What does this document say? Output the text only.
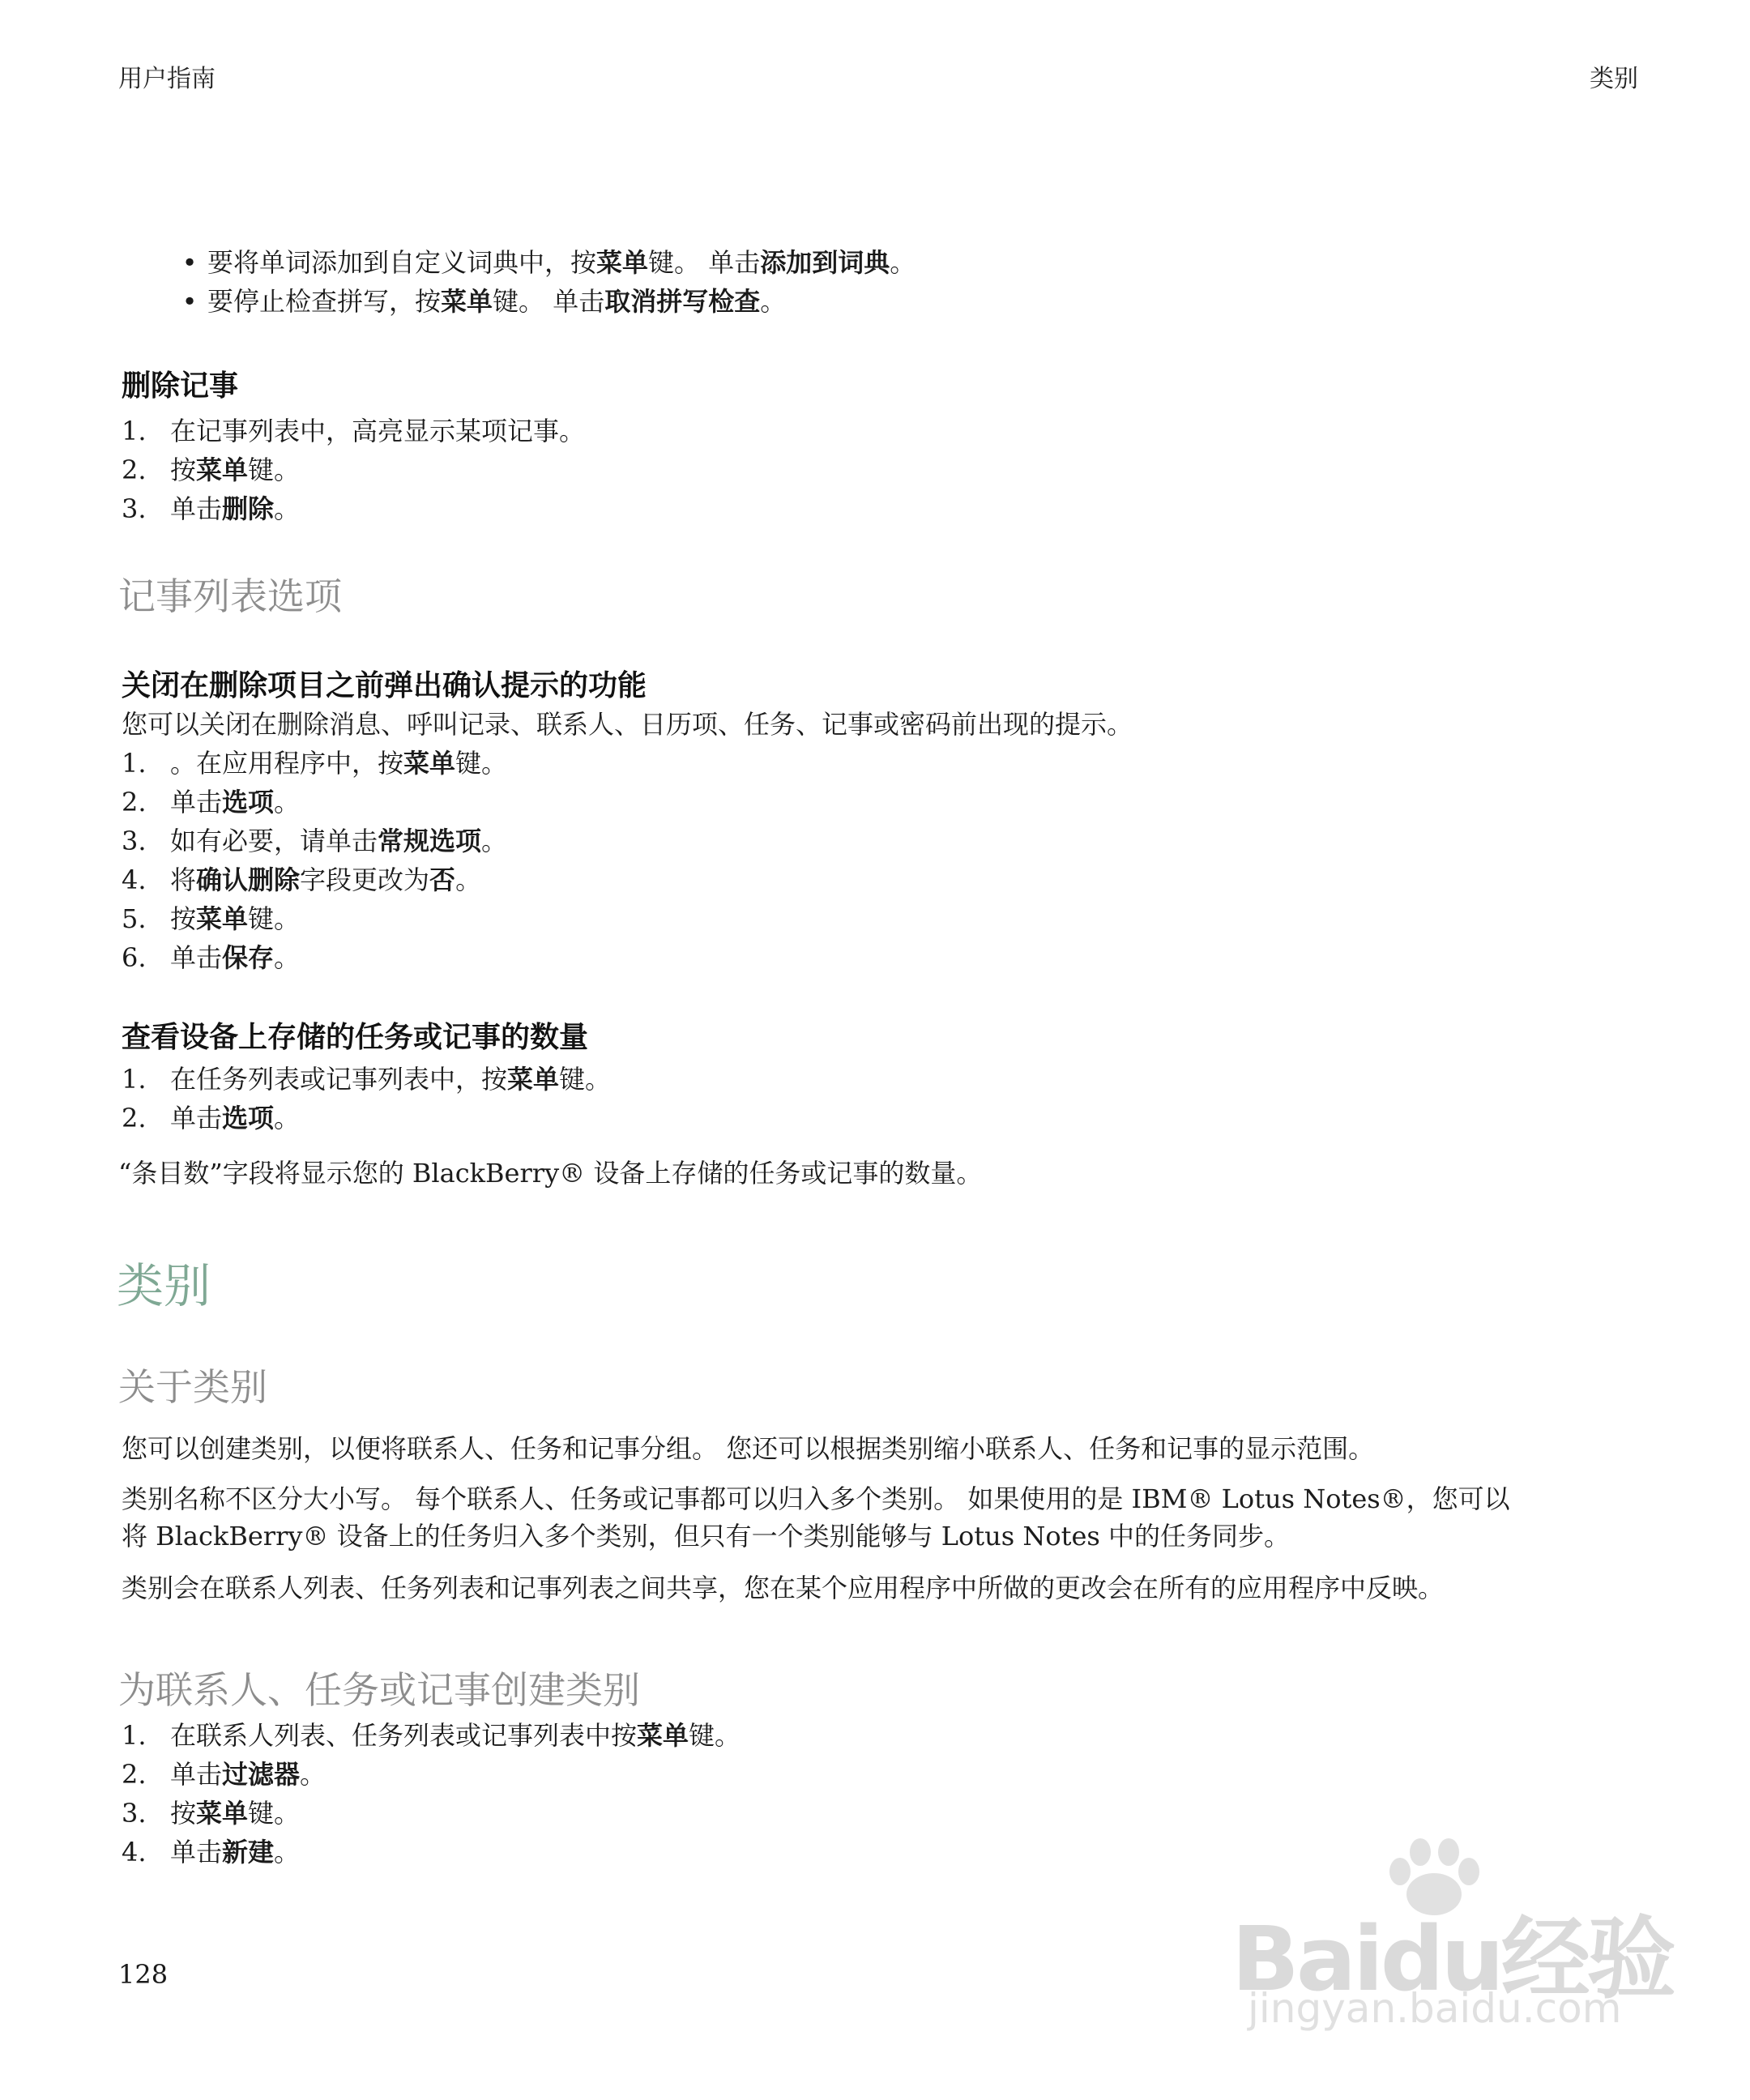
用户指南	类别
• 要将单词添加到自定义词典中，按菜单键。 单击添加到词典。
• 要停止检查拼写，按菜单键。 单击取消拼写检查。
删除记事
1. 在记事列表中，高亮显示某项记事。
2. 按菜单键。
3. 单击删除。
记事列表选项
关闭在删除项目之前弹出确认提示的功能
您可以关闭在删除消息、呼叫记录、联系人、日历项、任务、记事或密码前出现的提示。
1. 。在应用程序中，按菜单键。
2. 单击选项。
3. 如有必要，请单击常规选项。
4. 将确认删除字段更改为否。
5. 按菜单键。
6. 单击保存。
查看设备上存储的任务或记事的数量
1. 在任务列表或记事列表中，按菜单键。
2. 单击选项。
“条目数”字段将显示您的 BlackBerry® 设备上存储的任务或记事的数量。
类别
关于类别
您可以创建类别，以便将联系人、任务和记事分组。 您还可以根据类别缩小联系人、任务和记事的显示范围。
类别名称不区分大小写。 每个联系人、任务或记事都可以归入多个类别。 如果使用的是 IBM® Lotus Notes®，您可以
将 BlackBerry® 设备上的任务归入多个类别，但只有一个类别能够与 Lotus Notes 中的任务同步。
类别会在联系人列表、任务列表和记事列表之间共享，您在某个应用程序中所做的更改会在所有的应用程序中反映。
为联系人、任务或记事创建类别
1. 在联系人列表、任务列表或记事列表中按菜单键。
2. 单击过滤器。
3. 按菜单键。
4. 单击新建。
128	Baidu经验
jingyan.baidu.com
